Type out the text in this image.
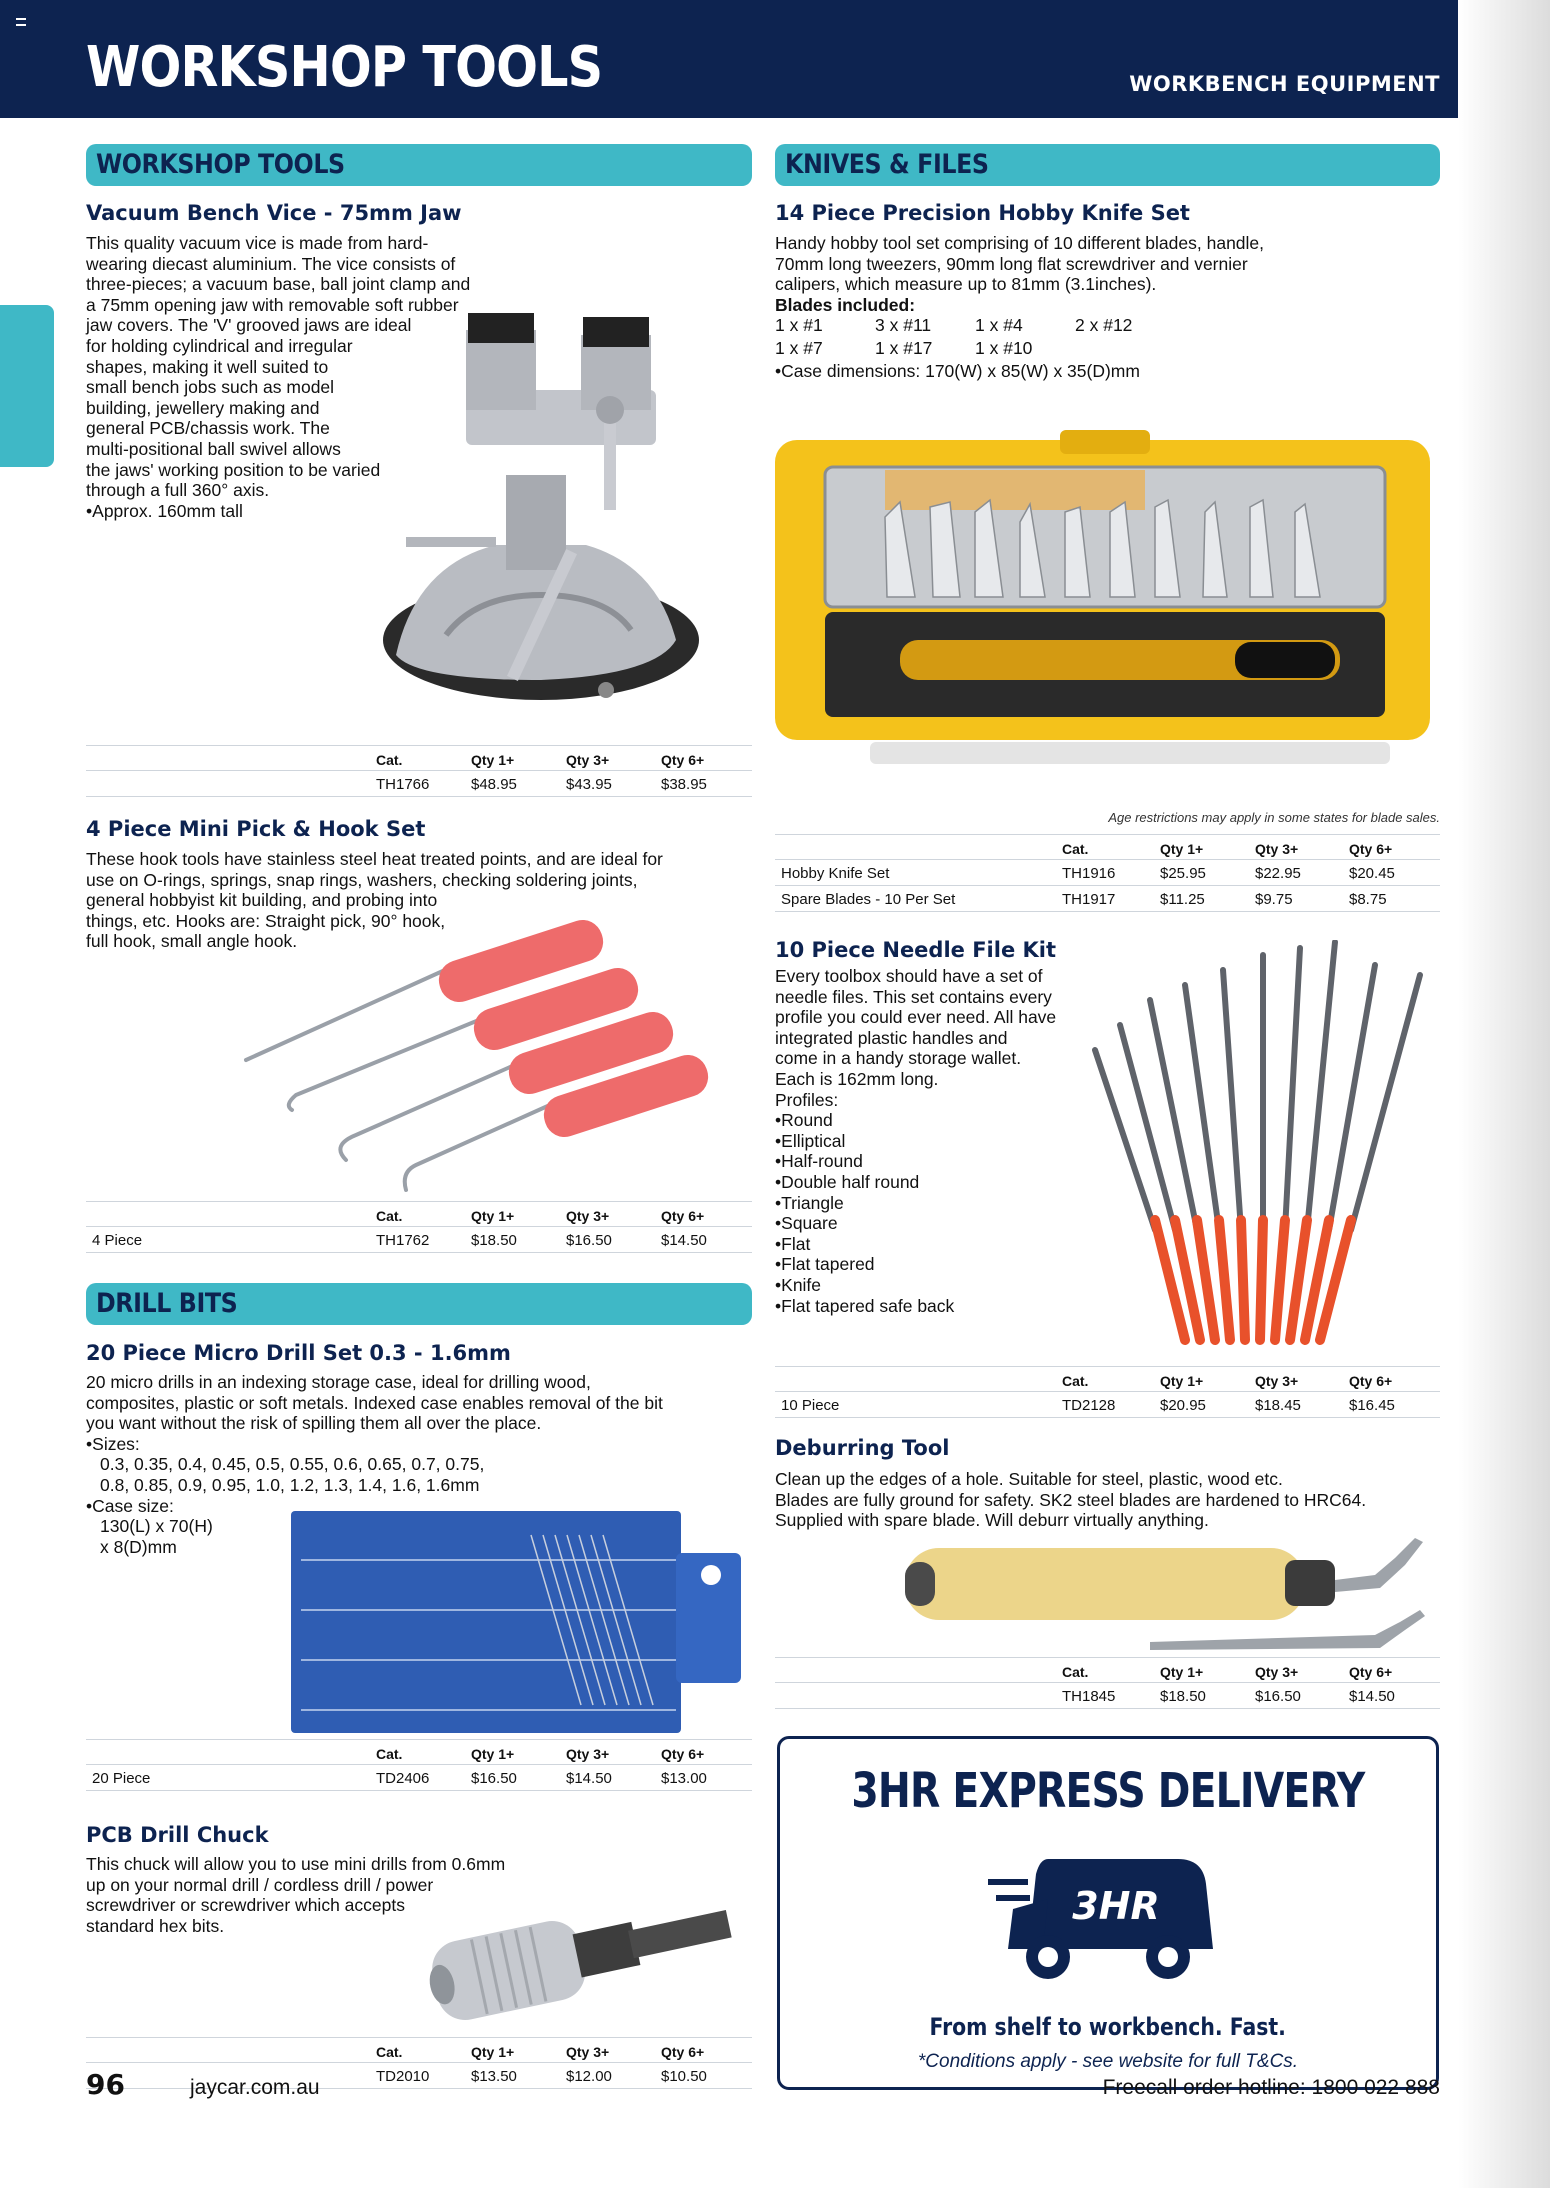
WORKSHOP TOOLS	WORKBENCH EQUIPMENT
WORKSHOP TOOLS
Vacuum Bench Vice - 75mm Jaw

This quality vacuum vice is made from hard-

wearing diecast aluminium. The vice consists of

three-pieces; a vacuum base, ball joint clamp and

a 75mm opening jaw with removable soft rubber

jaw covers. The 'V' grooved jaws are ideal

for holding cylindrical and irregular

shapes, making it well suited to

small bench jobs such as model

building, jewellery making and

general PCB/chassis work. The

multi-positional ball swivel allows

the jaws' working position to be varied

through a full 360° axis.

• Approx. 160mm tall
Cat.	Qty 1+	Qty 3+	Qty 6+
TH1766	$48.95	$43.95	$38.95
4 Piece Mini Pick & Hook Set

These hook tools have stainless steel heat treated points, and are ideal for

use on O-rings, springs, snap rings, washers, checking soldering joints,

general hobbyist kit building, and probing into

things, etc. Hooks are: Straight pick, 90° hook,

full hook, small angle hook.

Cat.	Qty 1+	Qty 3+	Qty 6+
4 Piece	TH1762	$18.50	$16.50	$14.50
DRILL BITS
20 Piece Micro Drill Set 0.3 - 1.6mm

20 micro drills in an indexing storage case, ideal for drilling wood,

composites, plastic or soft metals. Indexed case enables removal of the bit

you want without the risk of spilling them all over the place.

• Sizes:

0.3, 0.35, 0.4, 0.45, 0.5, 0.55, 0.6, 0.65, 0.7, 0.75,

0.8, 0.85, 0.9, 0.95, 1.0, 1.2, 1.3, 1.4, 1.6, 1.6mm

• Case size:

130(L) x 70(H)

x 8(D)mm

Cat.	Qty 1+	Qty 3+	Qty 6+
20 Piece	TD2406	$16.50	$14.50	$13.00
PCB Drill Chuck

This chuck will allow you to use mini drills from 0.6mm

up on your normal drill / cordless drill / power

screwdriver or screwdriver which accepts

standard hex bits.

Cat.	Qty 1+	Qty 3+	Qty 6+
TD2010	$13.50	$12.00	$10.50
KNIVES & FILES
14 Piece Precision Hobby Knife Set

Handy hobby tool set comprising of 10 different blades, handle,

70mm long tweezers, 90mm long flat screwdriver and vernier

calipers, which measure up to 81mm (3.1inches).

Blades included:

1 x #1	3 x #11	1 x #4	2 x #12
1 x #7	1 x #17 1 x #10
• Case dimensions: 170(W) x 85(W) x 35(D)mm
Age restrictions may apply in some states for blade sales.
Cat.	Qty 1+	Qty 3+	Qty 6+
Hobby Knife Set	TH1916	$25.95	$22.95	$20.45
Spare Blades - 10 Per Set	TH1917	$11.25	$9.75	$8.75
10 Piece Needle File Kit

Every toolbox should have a set of

needle files. This set contains every

profile you could ever need. All have

integrated plastic handles and

come in a handy storage wallet.

Each is 162mm long.

Profiles:

• Round
• Elliptical
• Half-round
• Double half round
• Triangle
• Square
• Flat
• Flat tapered
• Knife
• Flat tapered safe back
Cat.	Qty 1+	Qty 3+	Qty 6+
10 Piece	TD2128	$20.95	$18.45	$16.45
Deburring Tool

Clean up the edges of a hole. Suitable for steel, plastic, wood etc.

Blades are fully ground for safety. SK2 steel blades are hardened to HRC64.

Supplied with spare blade. Will deburr virtually anything.

Cat.	Qty 1+	Qty 3+	Qty 6+
TH1845	$18.50	$16.50	$14.50
3HR EXPRESS DELIVERY
3HR
From shelf to workbench. Fast.
*Conditions apply - see website for full T&Cs.
96	jaycar.com.au	Freecall order hotline: 1800 022 888
